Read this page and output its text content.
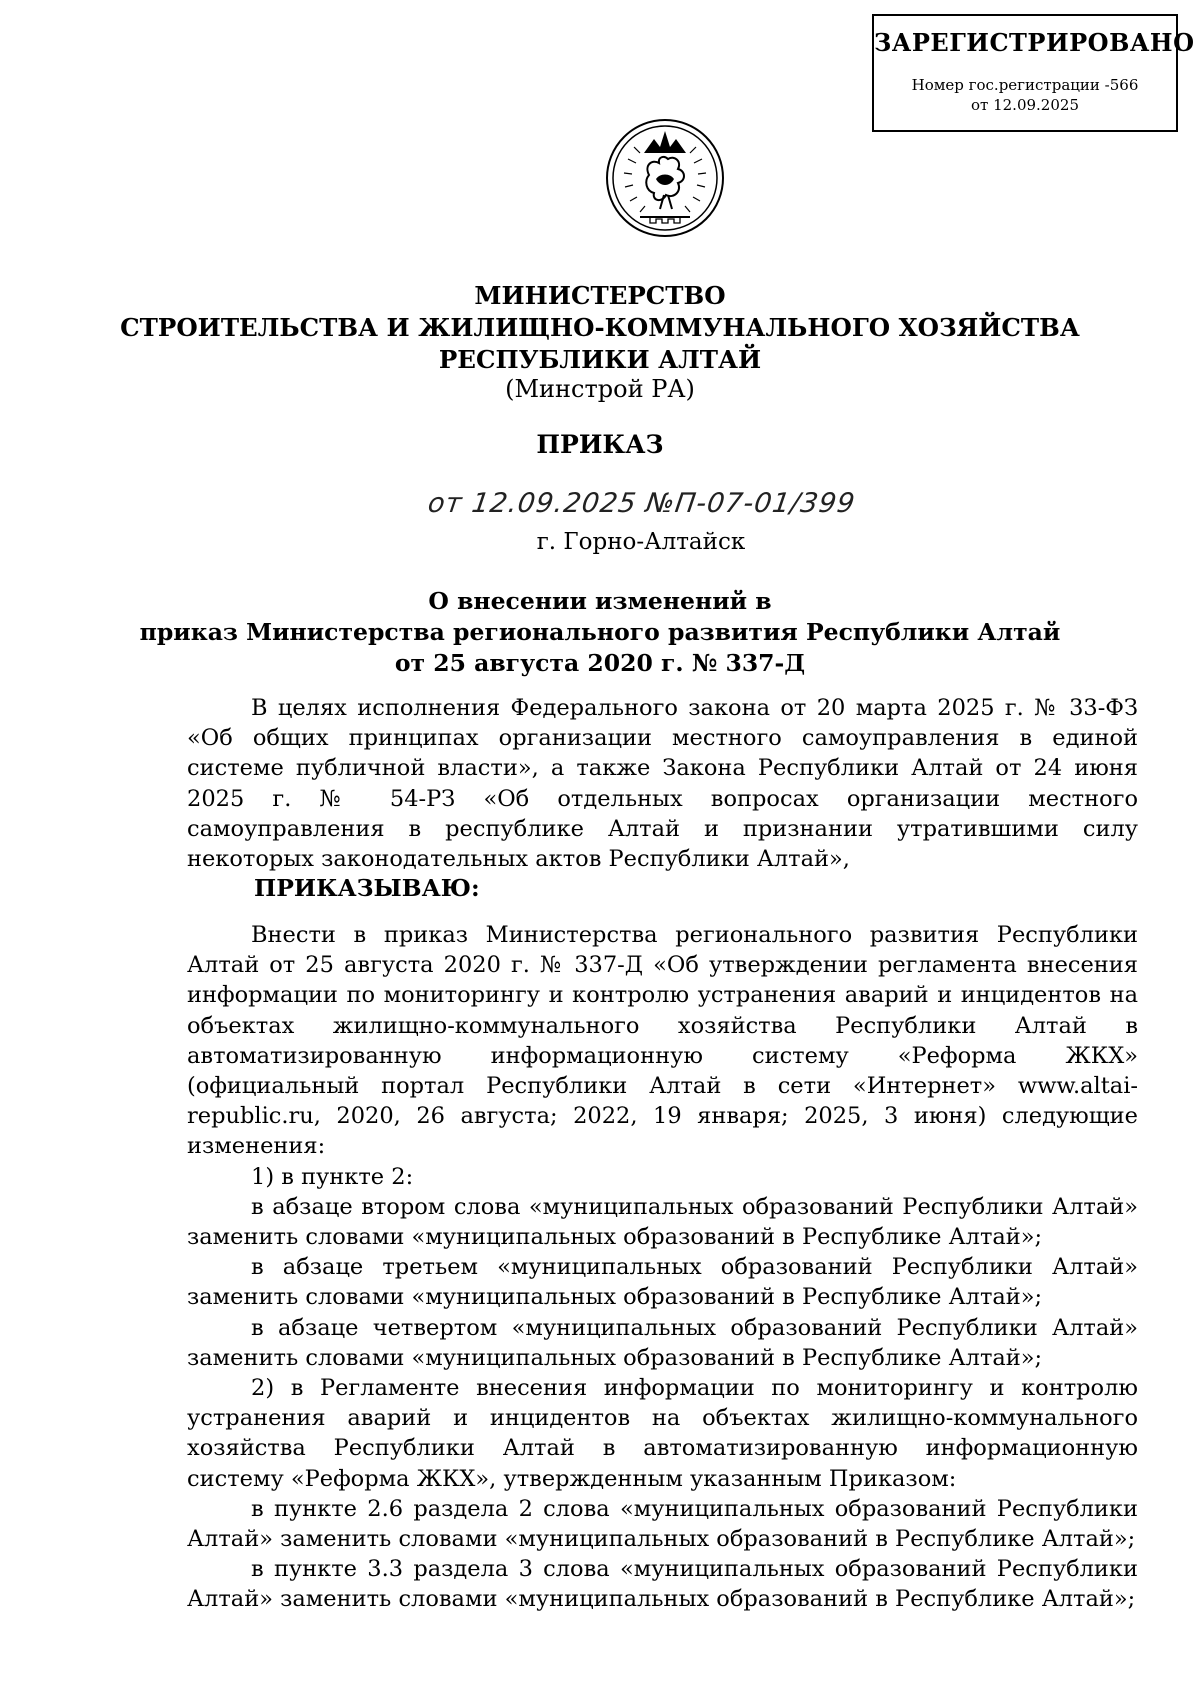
ЗАРЕГИСТРИРОВАНО
Номер гос.регистрации -566
от 12.09.2025
МИНИСТЕРСТВО
СТРОИТЕЛЬСТВА И ЖИЛИЩНО-КОММУНАЛЬНОГО ХОЗЯЙСТВА
РЕСПУБЛИКИ АЛТАЙ
(Минстрой РА)
ПРИКАЗ
от 12.09.2025 №П-07-01/399
г. Горно-Алтайск
О внесении изменений в
приказ Министерства регионального развития Республики Алтай
от 25 августа 2020 г. № 337-Д

В целях исполнения Федерального закона от 20 марта 2025 г. № 33-ФЗ «Об общих принципах организации местного самоуправления в единой системе публичной власти», а также Закона Республики Алтай от 24 июня 2025 г. № 54-РЗ «Об отдельных вопросах организации местного самоуправления в республике Алтай и признании утратившими силу некоторых законодательных актов Республики Алтай»,

ПРИКАЗЫВАЮ:

Внести в приказ Министерства регионального развития Республики Алтай от 25 августа 2020 г. № 337-Д «Об утверждении регламента внесения информации по мониторингу и контролю устранения аварий и инцидентов на объектах жилищно-коммунального хозяйства Республики Алтай в автоматизированную информационную систему «Реформа ЖКХ» (официальный портал Республики Алтай в сети «Интернет» www.altai-republic.ru, 2020, 26 августа; 2022, 19 января; 2025, 3 июня) следующие изменения:

1) в пункте 2:

в абзаце втором слова «муниципальных образований Республики Алтай» заменить словами «муниципальных образований в Республике Алтай»;

в абзаце третьем «муниципальных образований Республики Алтай» заменить словами «муниципальных образований в Республике Алтай»;

в абзаце четвертом «муниципальных образований Республики Алтай» заменить словами «муниципальных образований в Республике Алтай»;

2) в Регламенте внесения информации по мониторингу и контролю устранения аварий и инцидентов на объектах жилищно-коммунального хозяйства Республики Алтай в автоматизированную информационную систему «Реформа ЖКХ», утвержденным указанным Приказом:

в пункте 2.6 раздела 2 слова «муниципальных образований Республики Алтай» заменить словами «муниципальных образований в Республике Алтай»;

в пункте 3.3 раздела 3 слова «муниципальных образований Республики Алтай» заменить словами «муниципальных образований в Республике Алтай»;
